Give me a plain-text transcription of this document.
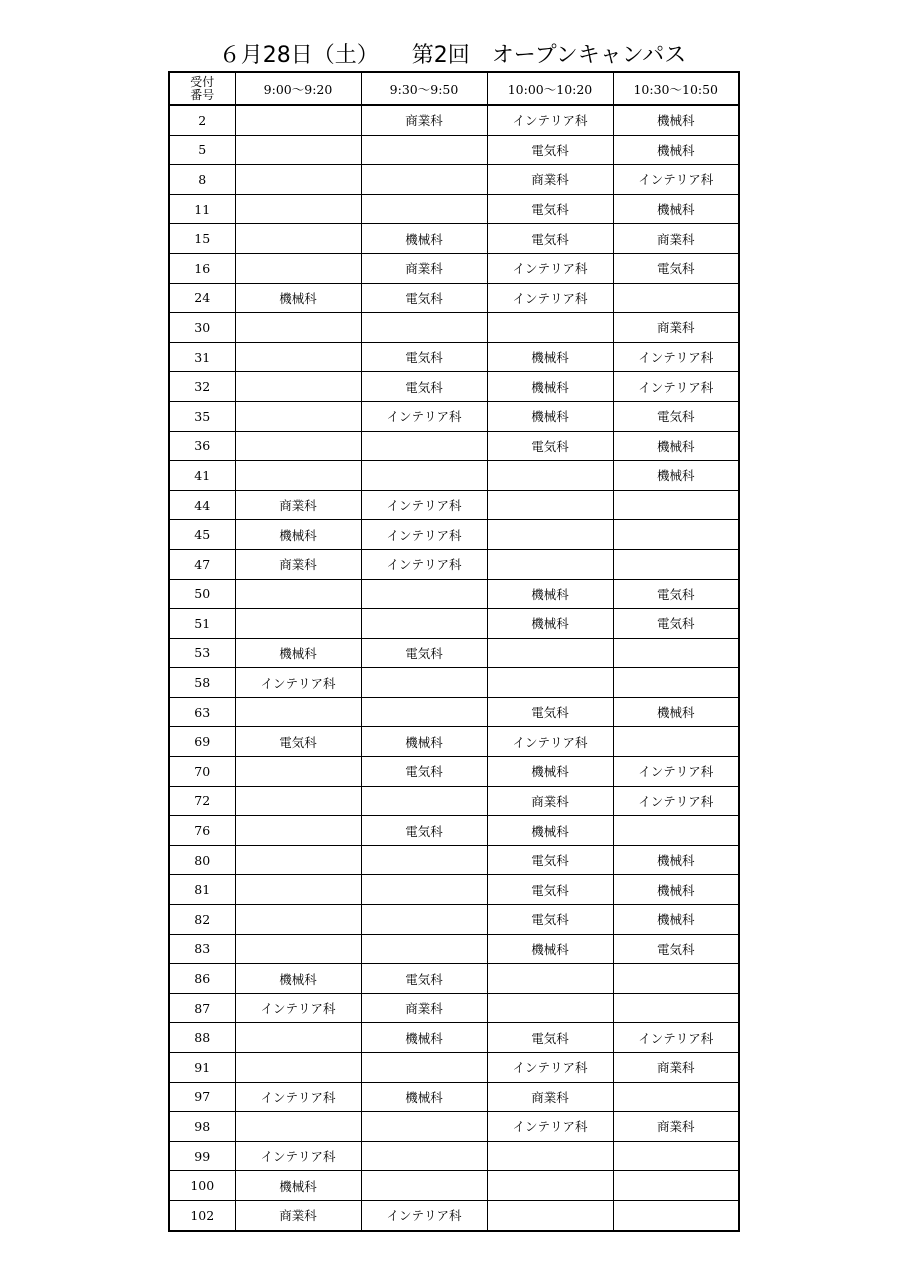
６月28日（土）　　第2回　オープンキャンパス
受付
番号	9:00～9:20	9:30～9:50	10:00～10:20	10:30～10:50
2		商業科	インテリア科	機械科
5			電気科	機械科
8			商業科	インテリア科
11			電気科	機械科
15		機械科	電気科	商業科
16		商業科	インテリア科	電気科
24	機械科	電気科	インテリア科	
30				商業科
31		電気科	機械科	インテリア科
32		電気科	機械科	インテリア科
35		インテリア科	機械科	電気科
36			電気科	機械科
41				機械科
44	商業科	インテリア科		
45	機械科	インテリア科		
47	商業科	インテリア科		
50			機械科	電気科
51			機械科	電気科
53	機械科	電気科		
58	インテリア科			
63			電気科	機械科
69	電気科	機械科	インテリア科	
70		電気科	機械科	インテリア科
72			商業科	インテリア科
76		電気科	機械科	
80			電気科	機械科
81			電気科	機械科
82			電気科	機械科
83			機械科	電気科
86	機械科	電気科		
87	インテリア科	商業科		
88		機械科	電気科	インテリア科
91			インテリア科	商業科
97	インテリア科	機械科	商業科	
98			インテリア科	商業科
99	インテリア科			
100	機械科			
102	商業科	インテリア科		
